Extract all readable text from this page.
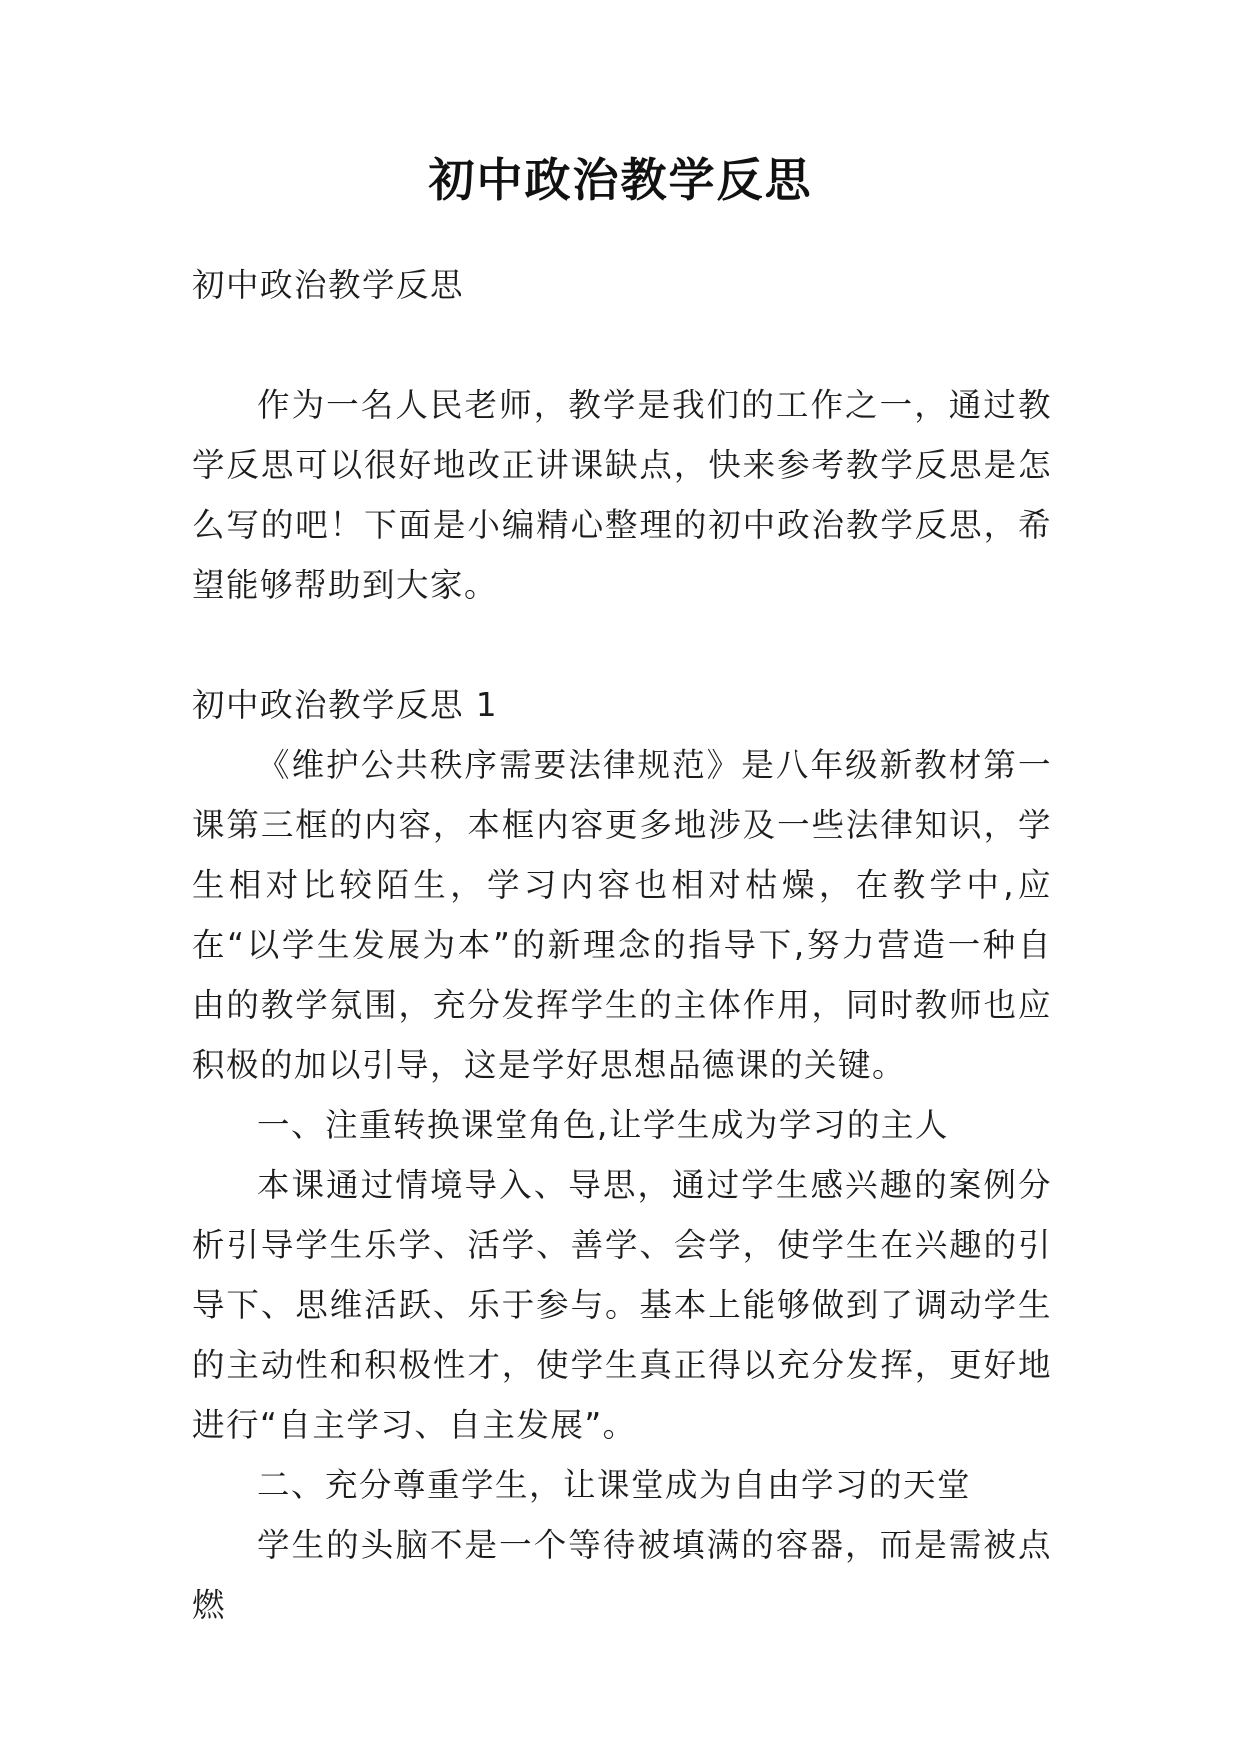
初中政治教学反思

初中政治教学反思

作为一名人民老师，教学是我们的工作之一，通过教学反思可以很好地改正讲课缺点，快来参考教学反思是怎么写的吧！下面是小编精心整理的初中政治教学反思，希望能够帮助到大家。

初中政治教学反思 1

《维护公共秩序需要法律规范》是八年级新教材第一课第三框的内容，本框内容更多地涉及一些法律知识，学生相对比较陌生，学习内容也相对枯燥，在教学中,应在“以学生发展为本”的新理念的指导下,努力营造一种自由的教学氛围，充分发挥学生的主体作用，同时教师也应积极的加以引导，这是学好思想品德课的关键。

一、注重转换课堂角色,让学生成为学习的主人

本课通过情境导入、导思，通过学生感兴趣的案例分析引导学生乐学、活学、善学、会学，使学生在兴趣的引导下、思维活跃、乐于参与。基本上能够做到了调动学生的主动性和积极性才，使学生真正得以充分发挥，更好地进行“自主学习、自主发展”。

二、充分尊重学生，让课堂成为自由学习的天堂

学生的头脑不是一个等待被填满的容器，而是需被点燃
